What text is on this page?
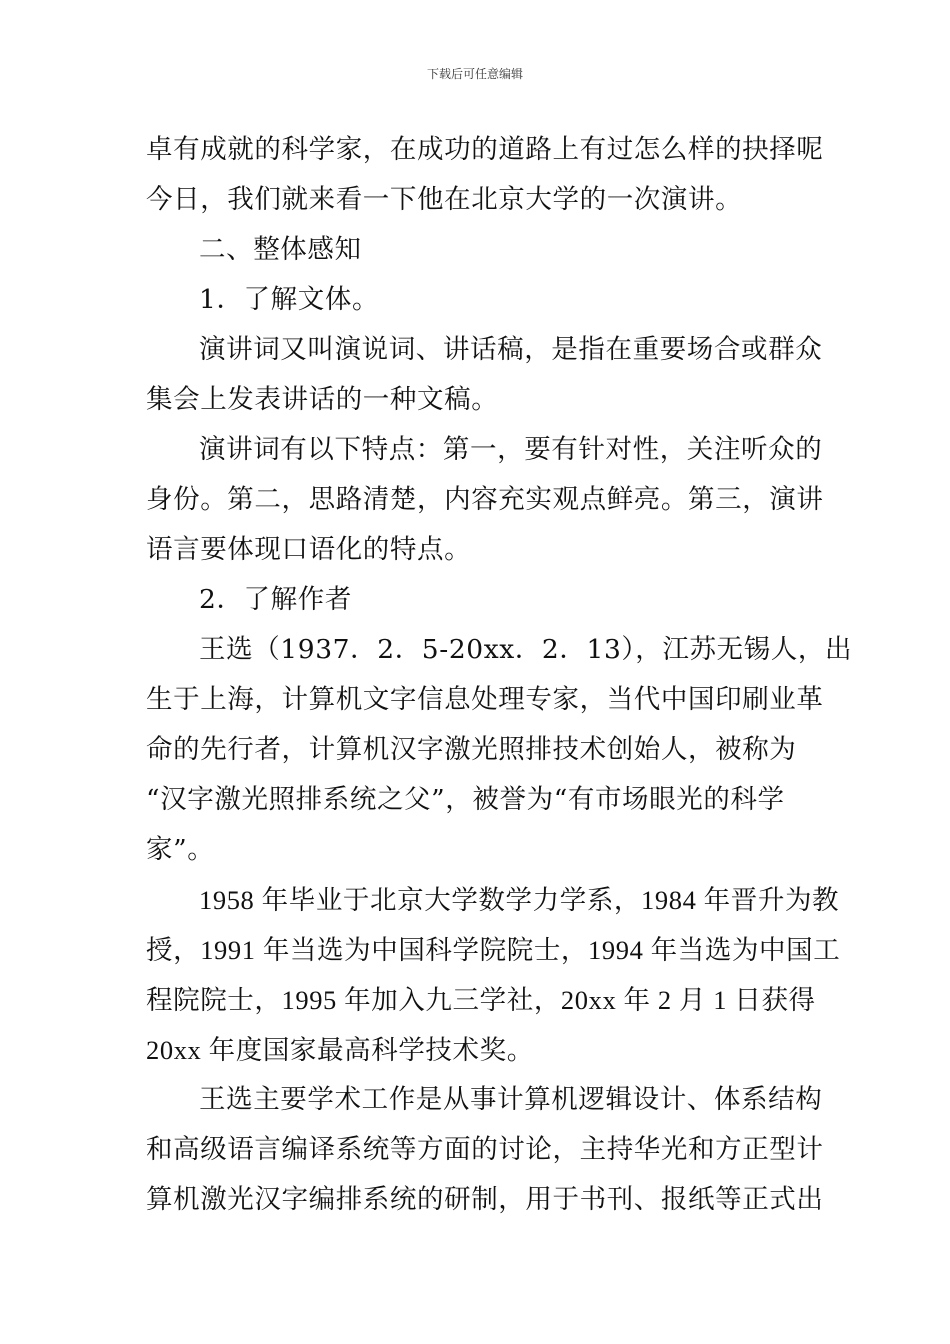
下载后可任意编辑
卓有成就的科学家，在成功的道路上有过怎么样的抉择呢
今日，我们就来看一下他在北京大学的一次演讲。
二、整体感知
1．了解文体。
演讲词又叫演说词、讲话稿，是指在重要场合或群众
集会上发表讲话的一种文稿。
演讲词有以下特点：第一，要有针对性，关注听众的
身份。第二，思路清楚，内容充实观点鲜亮。第三，演讲
语言要体现口语化的特点。
2．了解作者
王选（1937．2．5-20xx．2．13），江苏无锡人，出
生于上海，计算机文字信息处理专家，当代中国印刷业革
命的先行者，计算机汉字激光照排技术创始人，被称为
“汉字激光照排系统之父”，被誉为“有市场眼光的科学
家”。
1958 年毕业于北京大学数学力学系，1984 年晋升为教
授，1991 年当选为中国科学院院士，1994 年当选为中国工
程院院士，1995 年加入九三学社，20xx 年 2 月 1 日获得
20xx 年度国家最高科学技术奖。
王选主要学术工作是从事计算机逻辑设计、体系结构
和高级语言编译系统等方面的讨论，主持华光和方正型计
算机激光汉字编排系统的研制，用于书刊、报纸等正式出
